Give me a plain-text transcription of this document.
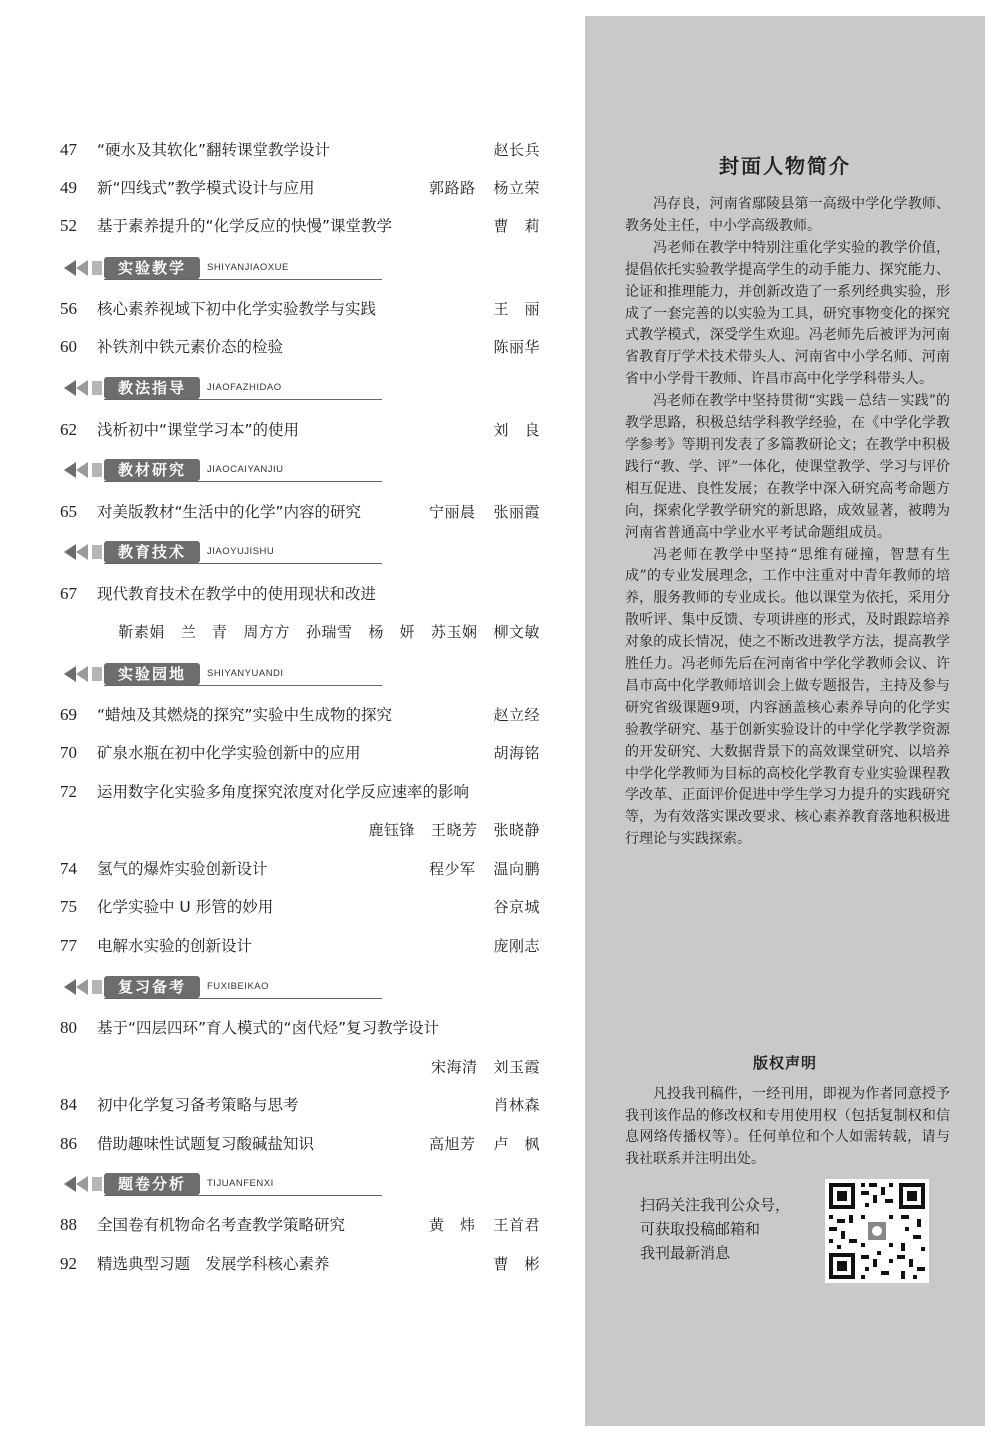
47	“硬水及其软化”翻转课堂教学设计	赵长兵
49	新“四线式”教学模式设计与应用	郭路路 杨立荣
52	基于素养提升的“化学反应的快慢”课堂教学	曹　莉
实验教学	SHIYANJIAOXUE
56	核心素养视域下初中化学实验教学与实践	王　丽
60	补铁剂中铁元素价态的检验	陈丽华
教法指导	JIAOFAZHIDAO
62	浅析初中“课堂学习本”的使用	刘　良
教材研究	JIAOCAIYANJIU
65	对美版教材“生活中的化学”内容的研究	宁丽晨 张丽霞
教育技术	JIAOYUJISHU
67	现代教育技术在教学中的使用现状和改进
靳素娟 兰　青 周方方 孙瑞雪 杨　妍 苏玉娴 柳文敏
实验园地	SHIYANYUANDI
69	“蜡烛及其燃烧的探究”实验中生成物的探究	赵立经
70	矿泉水瓶在初中化学实验创新中的应用	胡海铭
72	运用数字化实验多角度探究浓度对化学反应速率的影响
鹿钰锋 王晓芳 张晓静
74	氢气的爆炸实验创新设计	程少军 温向鹏
75	化学实验中 U 形管的妙用	谷京城
77	电解水实验的创新设计	庞刚志
复习备考	FUXIBEIKAO
80	基于“四层四环”育人模式的“卤代烃”复习教学设计
宋海清 刘玉霞
84	初中化学复习备考策略与思考	肖林森
86	借助趣味性试题复习酸碱盐知识	高旭芳 卢　枫
题卷分析	TIJUANFENXI
88	全国卷有机物命名考查教学策略研究	黄　炜 王首君
92	精选典型习题　发展学科核心素养	曹　彬
封面人物简介

冯存良，河南省鄢陵县第一高级中学化学教师、教务处主任，中小学高级教师。

冯老师在教学中特别注重化学实验的教学价值，提倡依托实验教学提高学生的动手能力、探究能力、论证和推理能力，并创新改造了一系列经典实验，形成了一套完善的以实验为工具，研究事物变化的探究式教学模式，深受学生欢迎。冯老师先后被评为河南省教育厅学术技术带头人、河南省中小学名师、河南省中小学骨干教师、许昌市高中化学学科带头人。

冯老师在教学中坚持贯彻“实践－总结－实践”的教学思路，积极总结学科教学经验，在《中学化学教学参考》等期刊发表了多篇教研论文；在教学中积极践行“教、学、评”一体化，使课堂教学、学习与评价相互促进、良性发展；在教学中深入研究高考命题方向，探索化学教学研究的新思路，成效显著，被聘为河南省普通高中学业水平考试命题组成员。

冯老师在教学中坚持“思维有碰撞，智慧有生成”的专业发展理念，工作中注重对中青年教师的培养，服务教师的专业成长。他以课堂为依托，采用分散听评、集中反馈、专项讲座的形式，及时跟踪培养对象的成长情况，使之不断改进教学方法，提高教学胜任力。冯老师先后在河南省中学化学教师会议、许昌市高中化学教师培训会上做专题报告，主持及参与研究省级课题9项，内容涵盖核心素养导向的化学实验教学研究、基于创新实验设计的中学化学教学资源的开发研究、大数据背景下的高效课堂研究、以培养中学化学教师为目标的高校化学教育专业实验课程教学改革、正面评价促进中学生学习力提升的实践研究等，为有效落实课改要求、核心素养教育落地积极进行理论与实践探索。

版权声明

凡投我刊稿件，一经刊用，即视为作者同意授予我刊该作品的修改权和专用使用权（包括复制权和信息网络传播权等）。任何单位和个人如需转载，请与我社联系并注明出处。

扫码关注我刊公众号，
可获取投稿邮箱和
我刊最新消息
